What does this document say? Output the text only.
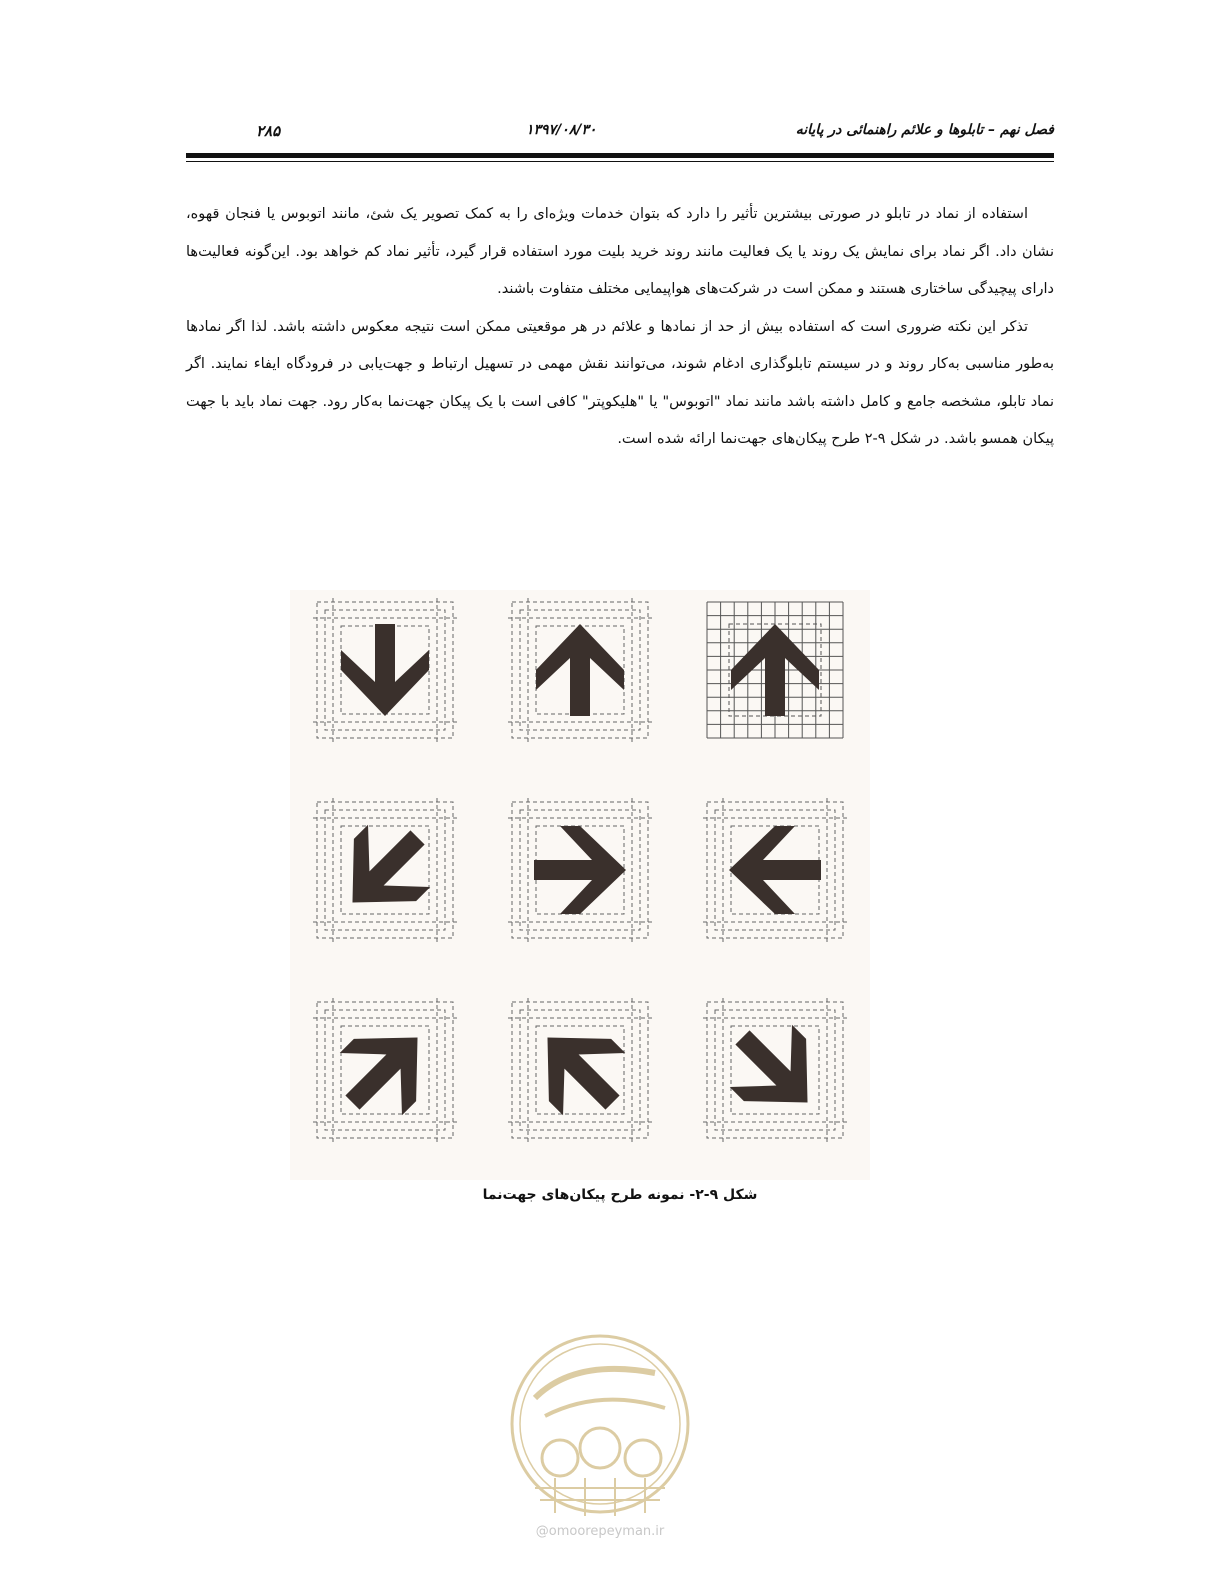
فصل نهم – تابلوها و علائم راهنمائی در پایانه
۱۳۹۷/۰۸/۳۰
۲۸۵

استفاده از نماد در تابلو در صورتی بیشترین تأثیر را دارد که بتوان خدمات ویژه‌ای را به کمک تصویر یک شئ، مانند اتوبوس یا فنجان قهوه، نشان داد. اگر نماد برای نمایش یک روند یا یک فعالیت مانند روند خرید بلیت مورد استفاده قرار گیرد، تأثیر نماد کم خواهد بود. این‌گونه فعالیت‌ها دارای پیچیدگی ساختاری هستند و ممکن است در شرکت‌های هواپیمایی مختلف متفاوت باشند.

تذکر این نکته ضروری است که استفاده بیش از حد از نمادها و علائم در هر موقعیتی ممکن است نتیجه معکوس داشته باشد. لذا اگر نمادها به‌طور مناسبی به‌کار روند و در سیستم تابلوگذاری ادغام شوند، می‌توانند نقش مهمی در تسهیل ارتباط و جهت‌یابی در فرودگاه ایفاء نمایند. اگر نماد تابلو، مشخصه جامع و کامل داشته باشد مانند نماد "اتوبوس" یا "هلیکوپتر" کافی است با یک پیکان جهت‌نما به‌کار رود. جهت نماد باید با جهت پیکان همسو باشد. در شکل ۹-۲ طرح پیکان‌های جهت‌نما ارائه شده است.

شکل ۹-۲- نمونه طرح پیکان‌های جهت‌نما
@omoorepeyman.ir
